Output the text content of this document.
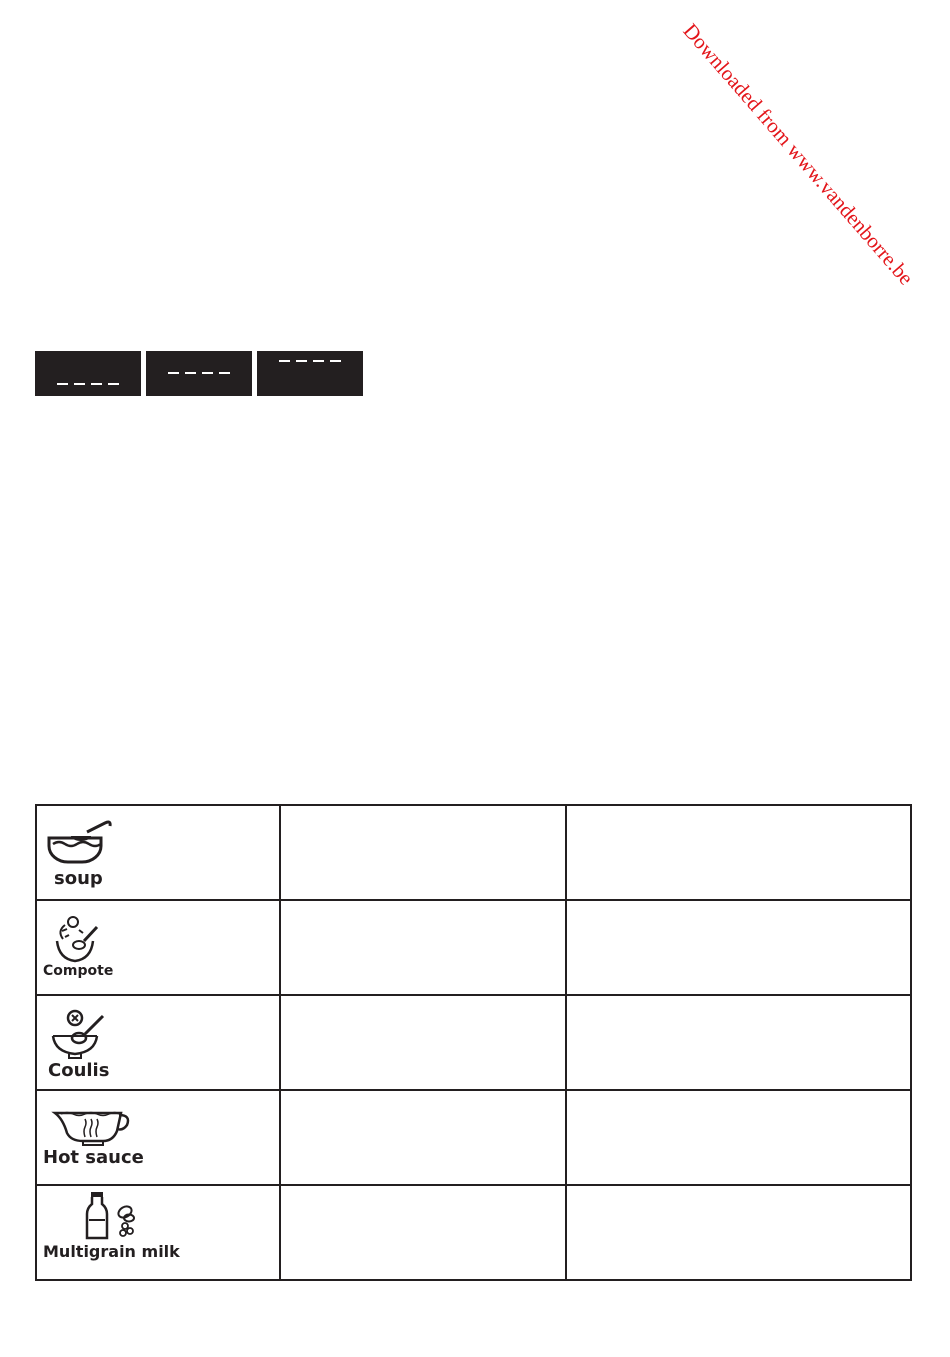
Downloaded from www.vandenborre.be
soup		

Compote		

Coulis		

Hot sauce		

Multigrain milk		
